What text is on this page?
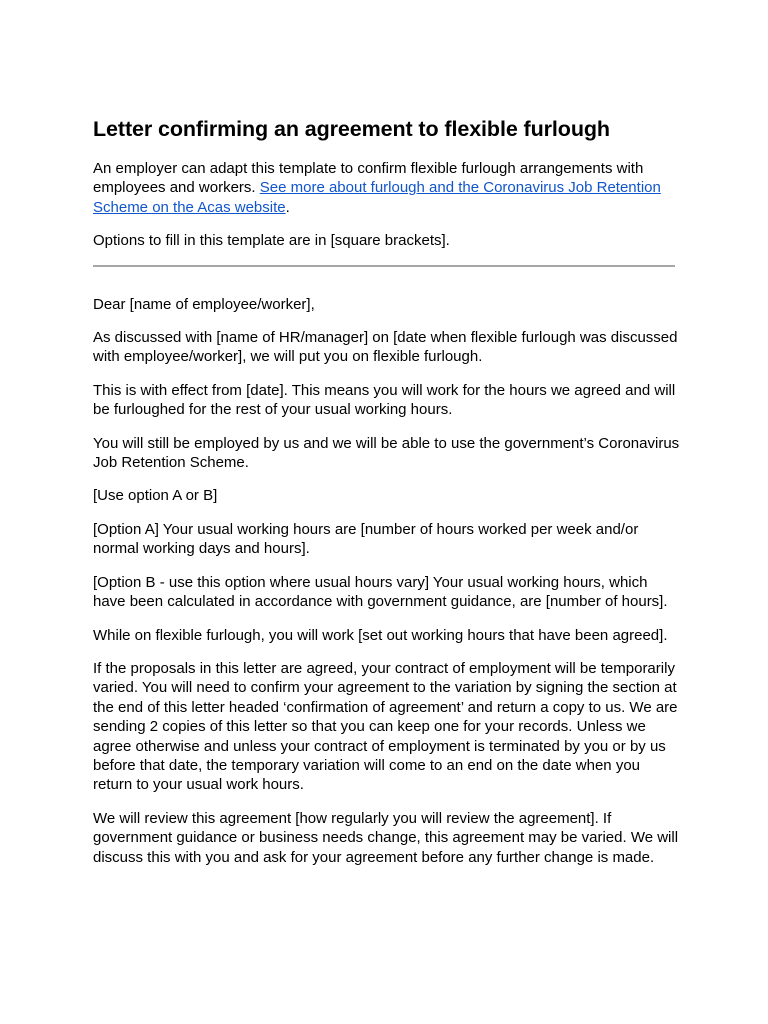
Letter confirming an agreement to flexible furlough

An employer can adapt this template to confirm flexible furlough arrangements with employees and workers. See more about furlough and the Coronavirus Job Retention Scheme on the Acas website.

Options to fill in this template are in [square brackets].

Dear [name of employee/worker],

As discussed with [name of HR/manager] on [date when flexible furlough was discussed with employee/worker], we will put you on flexible furlough.

This is with effect from [date]. This means you will work for the hours we agreed and will be furloughed for the rest of your usual working hours.

You will still be employed by us and we will be able to use the government’s Coronavirus Job Retention Scheme.

[Use option A or B]

[Option A] Your usual working hours are [number of hours worked per week and/or normal working days and hours].

[Option B - use this option where usual hours vary] Your usual working hours, which have been calculated in accordance with government guidance, are [number of hours].

While on flexible furlough, you will work [set out working hours that have been agreed].

If the proposals in this letter are agreed, your contract of employment will be temporarily varied. You will need to confirm your agreement to the variation by signing the section at the end of this letter headed ‘confirmation of agreement’ and return a copy to us. We are sending 2 copies of this letter so that you can keep one for your records. Unless we agree otherwise and unless your contract of employment is terminated by you or by us before that date, the temporary variation will come to an end on the date when you return to your usual work hours.

We will review this agreement [how regularly you will review the agreement]. If government guidance or business needs change, this agreement may be varied. We will discuss this with you and ask for your agreement before any further change is made.
